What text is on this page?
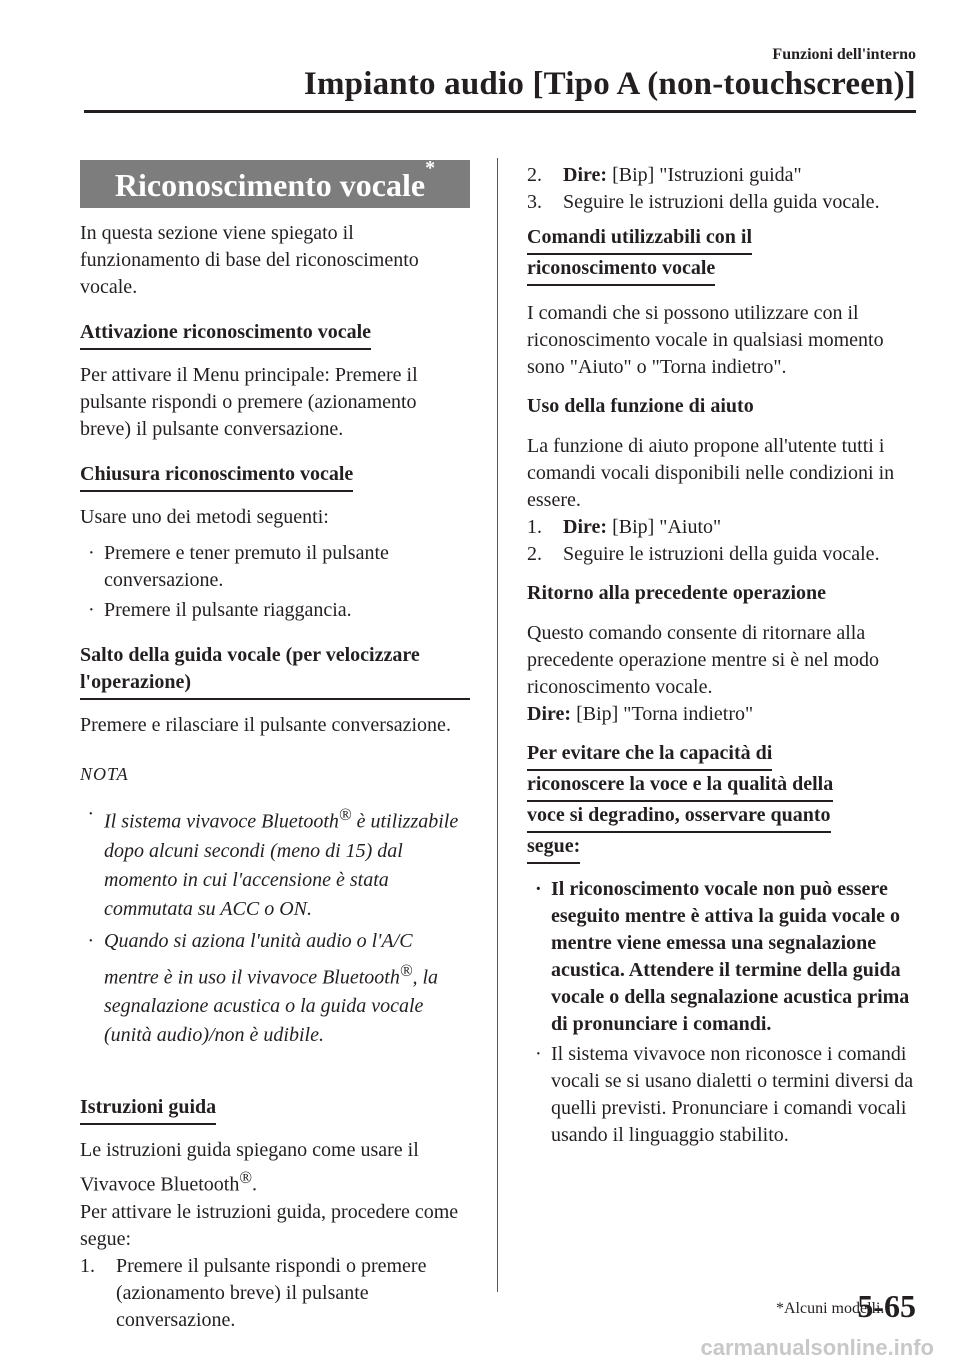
Funzioni dell'interno
Impianto audio [Tipo A (non-touchscreen)]
Riconoscimento vocale*

In questa sezione viene spiegato il funzionamento di base del riconoscimento vocale.

Attivazione riconoscimento vocale

Per attivare il Menu principale: Premere il pulsante rispondi o premere (azionamento breve) il pulsante conversazione.

Chiusura riconoscimento vocale

Usare uno dei metodi seguenti:

· Premere e tener premuto il pulsante conversazione.
· Premere il pulsante riaggancia.
Salto della guida vocale (per velocizzare l'operazione)

Premere e rilasciare il pulsante conversazione.

NOTA
· Il sistema vivavoce Bluetooth® è utilizzabile dopo alcuni secondi (meno di 15) dal momento in cui l'accensione è stata commutata su ACC o ON.
· Quando si aziona l'unità audio o l'A/C mentre è in uso il vivavoce Bluetooth®, la segnalazione acustica o la guida vocale (unità audio)/non è udibile.
Istruzioni guida

Le istruzioni guida spiegano come usare il Vivavoce Bluetooth®.

Per attivare le istruzioni guida, procedere come segue:

1. Premere il pulsante rispondi o premere (azionamento breve) il pulsante conversazione.
2. Dire: [Bip] "Istruzioni guida"
3. Seguire le istruzioni della guida vocale.
Comandi utilizzabili con il
riconoscimento vocale

I comandi che si possono utilizzare con il riconoscimento vocale in qualsiasi momento sono "Aiuto" o "Torna indietro".

Uso della funzione di aiuto

La funzione di aiuto propone all'utente tutti i comandi vocali disponibili nelle condizioni in essere.

1. Dire: [Bip] "Aiuto"
2. Seguire le istruzioni della guida vocale.
Ritorno alla precedente operazione

Questo comando consente di ritornare alla precedente operazione mentre si è nel modo riconoscimento vocale.

Dire: [Bip] "Torna indietro"

Per evitare che la capacità di
riconoscere la voce e la qualità della
voce si degradino, osservare quanto
segue:
· Il riconoscimento vocale non può essere eseguito mentre è attiva la guida vocale o mentre viene emessa una segnalazione acustica. Attendere il termine della guida vocale o della segnalazione acustica prima di pronunciare i comandi.
· Il sistema vivavoce non riconosce i comandi vocali se si usano dialetti o termini diversi da quelli previsti. Pronunciare i comandi vocali usando il linguaggio stabilito.
*Alcuni modelli.
5-65
carmanualsonline.info
